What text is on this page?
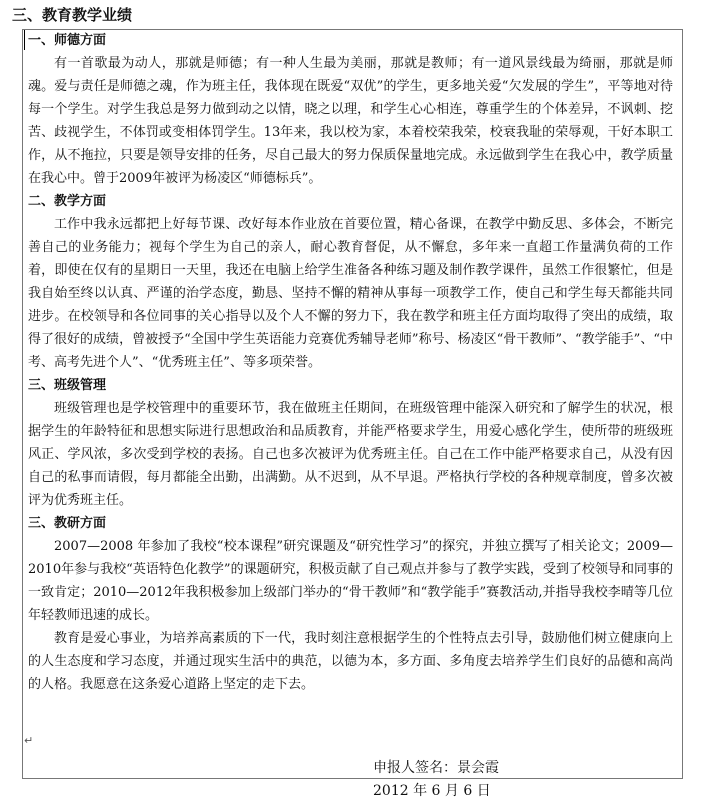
三、教育教学业绩
一、师德方面

有一首歌最为动人，那就是师德；有一种人生最为美丽，那就是教师；有一道风景线最为绮丽，那就是师魂。爱与责任是师德之魂，作为班主任，我体现在既爱“双优”的学生，更多地关爱“欠发展的学生”，平等地对待每一个学生。对学生我总是努力做到动之以情，晓之以理，和学生心心相连，尊重学生的个体差异，不讽刺、挖苦、歧视学生，不体罚或变相体罚学生。13年来，我以校为家，本着校荣我荣，校衰我耻的荣辱观，干好本职工作，从不拖拉，只要是领导安排的任务，尽自己最大的努力保质保量地完成。永远做到学生在我心中，教学质量在我心中。曾于2009年被评为杨凌区“师德标兵”。

二、教学方面

工作中我永远都把上好每节课、改好每本作业放在首要位置，精心备课，在教学中勤反思、多体会，不断完善自己的业务能力；视每个学生为自己的亲人，耐心教育督促，从不懈怠，多年来一直超工作量满负荷的工作着，即使在仅有的星期日一天里，我还在电脑上给学生准备各种练习题及制作教学课件，虽然工作很繁忙，但是我自始至终以认真、严谨的治学态度，勤恳、坚持不懈的精神从事每一项教学工作，使自己和学生每天都能共同进步。在校领导和各位同事的关心指导以及个人不懈的努力下，我在教学和班主任方面均取得了突出的成绩，取得了很好的成绩，曾被授予“全国中学生英语能力竞赛优秀辅导老师”称号、杨凌区“骨干教师”、“教学能手”、“中考、高考先进个人”、“优秀班主任”、等多项荣誉。

三、班级管理

班级管理也是学校管理中的重要环节，我在做班主任期间，在班级管理中能深入研究和了解学生的状况，根据学生的年龄特征和思想实际进行思想政治和品质教育，并能严格要求学生，用爱心感化学生，使所带的班级班风正、学风浓，多次受到学校的表扬。自己也多次被评为优秀班主任。自己在工作中能严格要求自己，从没有因自己的私事而请假，每月都能全出勤，出满勤。从不迟到，从不早退。严格执行学校的各种规章制度，曾多次被评为优秀班主任。

三、教研方面

2007—2008 年参加了我校“校本课程”研究课题及“研究性学习”的探究，并独立撰写了相关论文；2009—2010年参与我校“英语特色化教学”的课题研究，积极贡献了自己观点并参与了教学实践，受到了校领导和同事的一致肯定；2010—2012年我积极参加上级部门举办的“骨干教师”和“教学能手”赛教活动,并指导我校李晴等几位年轻教师迅速的成长。

教育是爱心事业，为培养高素质的下一代，我时刻注意根据学生的个性特点去引导，鼓励他们树立健康向上的人生态度和学习态度，并通过现实生活中的典范，以德为本，多方面、多角度去培养学生们良好的品德和高尚的人格。我愿意在这条爱心道路上坚定的走下去。

↵
申报人签名：景会霞
2012 年 6 月 6 日
